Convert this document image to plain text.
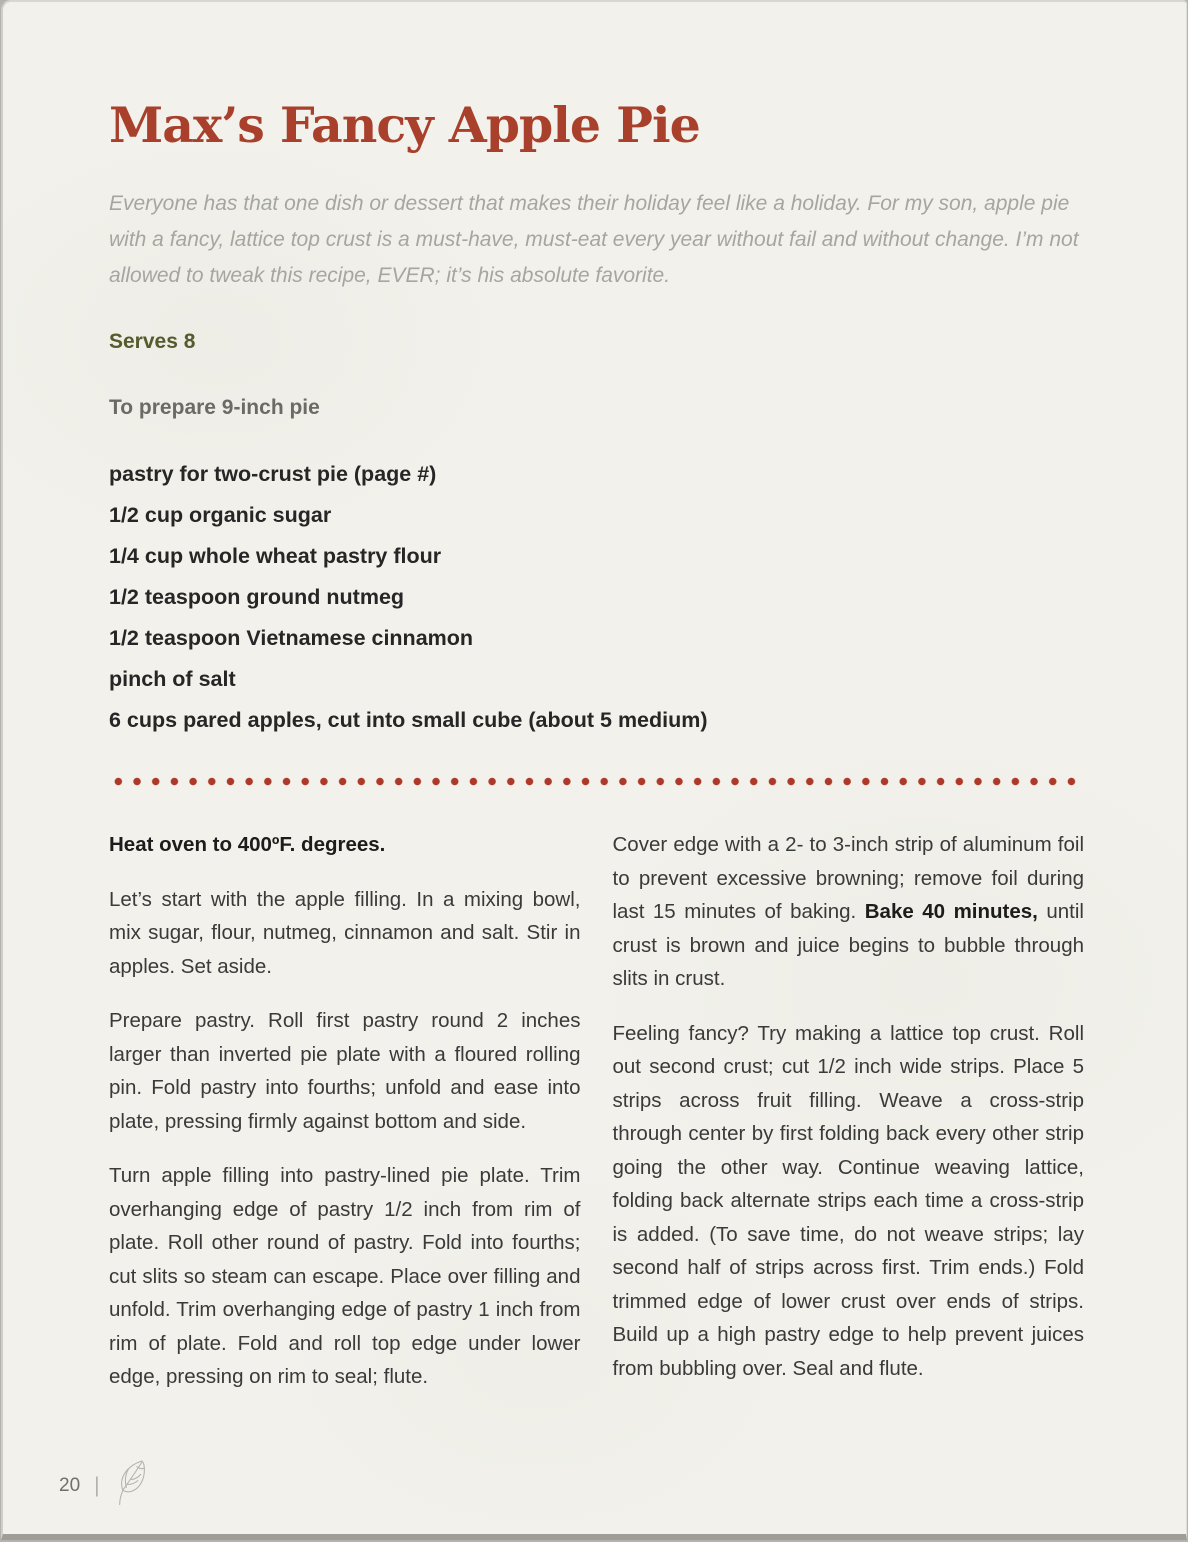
Max’s Fancy Apple Pie

Everyone has that one dish or dessert that makes their holiday feel like a holiday. For my son, apple pie with a fancy, lattice top crust is a must-have, must-eat every year without fail and without change. I’m not allowed to tweak this recipe, EVER; it’s his absolute favorite.

Serves 8
To prepare 9-inch pie
pastry for two-crust pie (page #)
1/2 cup organic sugar
1/4 cup whole wheat pastry flour
1/2 teaspoon ground nutmeg
1/2 teaspoon Vietnamese cinnamon
pinch of salt
6 cups pared apples, cut into small cube (about 5 medium)

Heat oven to 400ºF. degrees.

Let’s start with the apple filling. In a mixing bowl, mix sugar, flour, nutmeg, cinnamon and salt. Stir in apples. Set aside.

Prepare pastry. Roll first pastry round 2 inches larger than inverted pie plate with a floured rolling pin. Fold pastry into fourths; unfold and ease into plate, pressing firmly against bottom and side.

Turn apple filling into pastry-lined pie plate. Trim overhanging edge of pastry 1/2 inch from rim of plate. Roll other round of pastry. Fold into fourths; cut slits so steam can escape. Place over filling and unfold. Trim overhanging edge of pastry 1 inch from rim of plate. Fold and roll top edge under lower edge, pressing on rim to seal; flute.

Cover edge with a 2- to 3-inch strip of aluminum foil to prevent excessive browning; remove foil during last 15 minutes of baking. Bake 40 minutes, until crust is brown and juice begins to bubble through slits in crust.

Feeling fancy? Try making a lattice top crust. Roll out second crust; cut 1/2 inch wide strips. Place 5 strips across fruit filling. Weave a cross-strip through center by first folding back every other strip going the other way. Continue weaving lattice, folding back alternate strips each time a cross-strip is added. (To save time, do not weave strips; lay second half of strips across first. Trim ends.) Fold trimmed edge of lower crust over ends of strips. Build up a high pastry edge to help prevent juices from bubbling over. Seal and flute.

20 |
